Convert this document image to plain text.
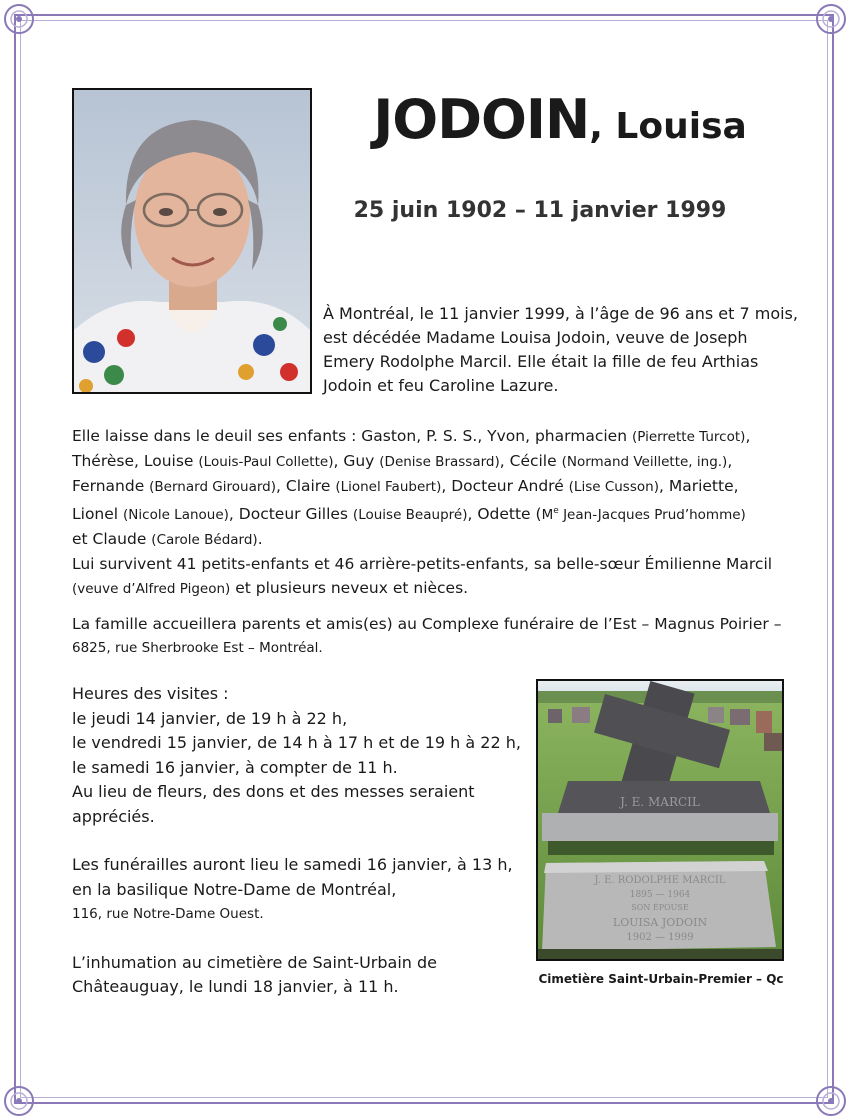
JODOIN, Louisa
25 juin 1902 – 11 janvier 1999
À Montréal, le 11 janvier 1999, à l’âge de 96 ans et 7 mois,
est décédée Madame Louisa Jodoin, veuve de Joseph
Emery Rodolphe Marcil. Elle était la fille de feu Arthias
Jodoin et feu Caroline Lazure.
Elle laisse dans le deuil ses enfants : Gaston, P. S. S., Yvon, pharmacien (Pierrette Turcot),
Thérèse, Louise (Louis-Paul Collette), Guy (Denise Brassard), Cécile (Normand Veillette, ing.),
Fernande (Bernard Girouard), Claire (Lionel Faubert), Docteur André (Lise Cusson), Mariette,
Lionel (Nicole Lanoue), Docteur Gilles (Louise Beaupré), Odette (Me Jean-Jacques Prud’homme)
et Claude (Carole Bédard).
Lui survivent 41 petits-enfants et 46 arrière-petits-enfants, sa belle-sœur Émilienne Marcil
(veuve d’Alfred Pigeon) et plusieurs neveux et nièces.
La famille accueillera parents et amis(es) au Complexe funéraire de l’Est – Magnus Poirier –
6825, rue Sherbrooke Est – Montréal.
Heures des visites :
le jeudi 14 janvier, de 19 h à 22 h,
le vendredi 15 janvier, de 14 h à 17 h et de 19 h à 22 h,
le samedi 16 janvier, à compter de 11 h.
Au lieu de fleurs, des dons et des messes seraient
appréciés.
Les funérailles auront lieu le samedi 16 janvier, à 13 h,
en la basilique Notre-Dame de Montréal,
116, rue Notre-Dame Ouest.
L’inhumation au cimetière de Saint-Urbain de
Châteauguay, le lundi 18 janvier, à 11 h.
J. E. MARCIL
J. E. RODOLPHE MARCIL
1895 — 1964
SON ÉPOUSE
LOUISA JODOIN
1902 — 1999
Cimetière Saint-Urbain-Premier – Qc
